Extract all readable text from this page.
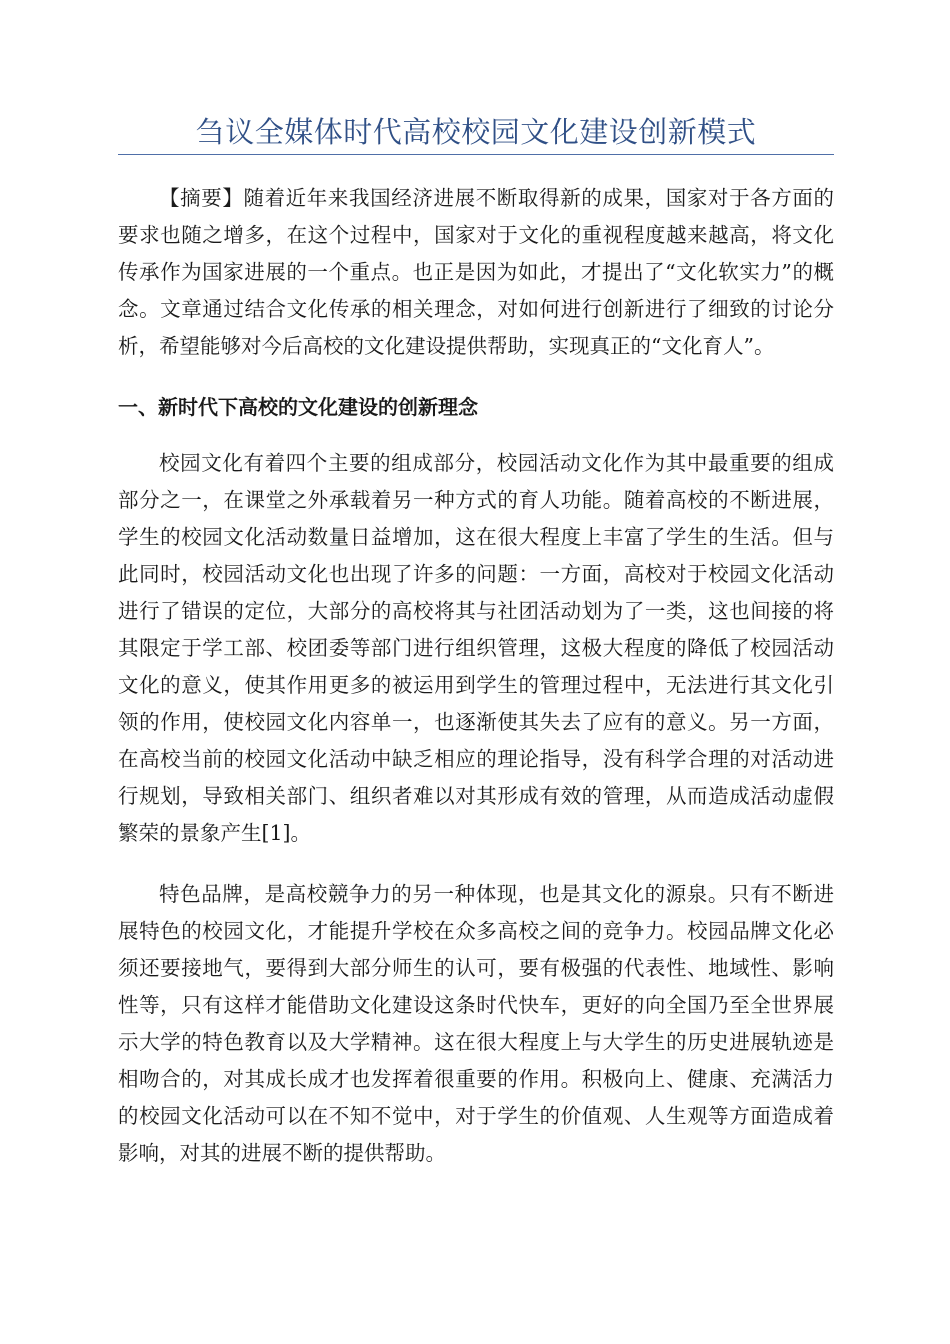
刍议全媒体时代高校校园文化建设创新模式

【摘要】随着近年来我国经济进展不断取得新的成果，国家对于各方面的要求也随之增多，在这个过程中，国家对于文化的重视程度越来越高，将文化传承作为国家进展的一个重点。也正是因为如此，才提出了“文化软实力”的概念。文章通过结合文化传承的相关理念，对如何进行创新进行了细致的讨论分析，希望能够对今后高校的文化建设提供帮助，实现真正的“文化育人”。

一、新时代下高校的文化建设的创新理念

校园文化有着四个主要的组成部分，校园活动文化作为其中最重要的组成部分之一，在课堂之外承载着另一种方式的育人功能。随着高校的不断进展，学生的校园文化活动数量日益增加，这在很大程度上丰富了学生的生活。但与此同时，校园活动文化也出现了许多的问题：一方面，高校对于校园文化活动进行了错误的定位，大部分的高校将其与社团活动划为了一类，这也间接的将其限定于学工部、校团委等部门进行组织管理，这极大程度的降低了校园活动文化的意义，使其作用更多的被运用到学生的管理过程中，无法进行其文化引领的作用，使校园文化内容单一，也逐渐使其失去了应有的意义。另一方面，在高校当前的校园文化活动中缺乏相应的理论指导，没有科学合理的对活动进行规划，导致相关部门、组织者难以对其形成有效的管理，从而造成活动虚假繁荣的景象产生[1]。

特色品牌，是高校競争力的另一种体现，也是其文化的源泉。只有不断进展特色的校园文化，才能提升学校在众多高校之间的竞争力。校园品牌文化必须还要接地气，要得到大部分师生的认可，要有极强的代表性、地域性、影响性等，只有这样才能借助文化建设这条时代快车，更好的向全国乃至全世界展示大学的特色教育以及大学精神。这在很大程度上与大学生的历史进展轨迹是相吻合的，对其成长成才也发挥着很重要的作用。积极向上、健康、充满活力的校园文化活动可以在不知不觉中，对于学生的价值观、人生观等方面造成着影响，对其的进展不断的提供帮助。
